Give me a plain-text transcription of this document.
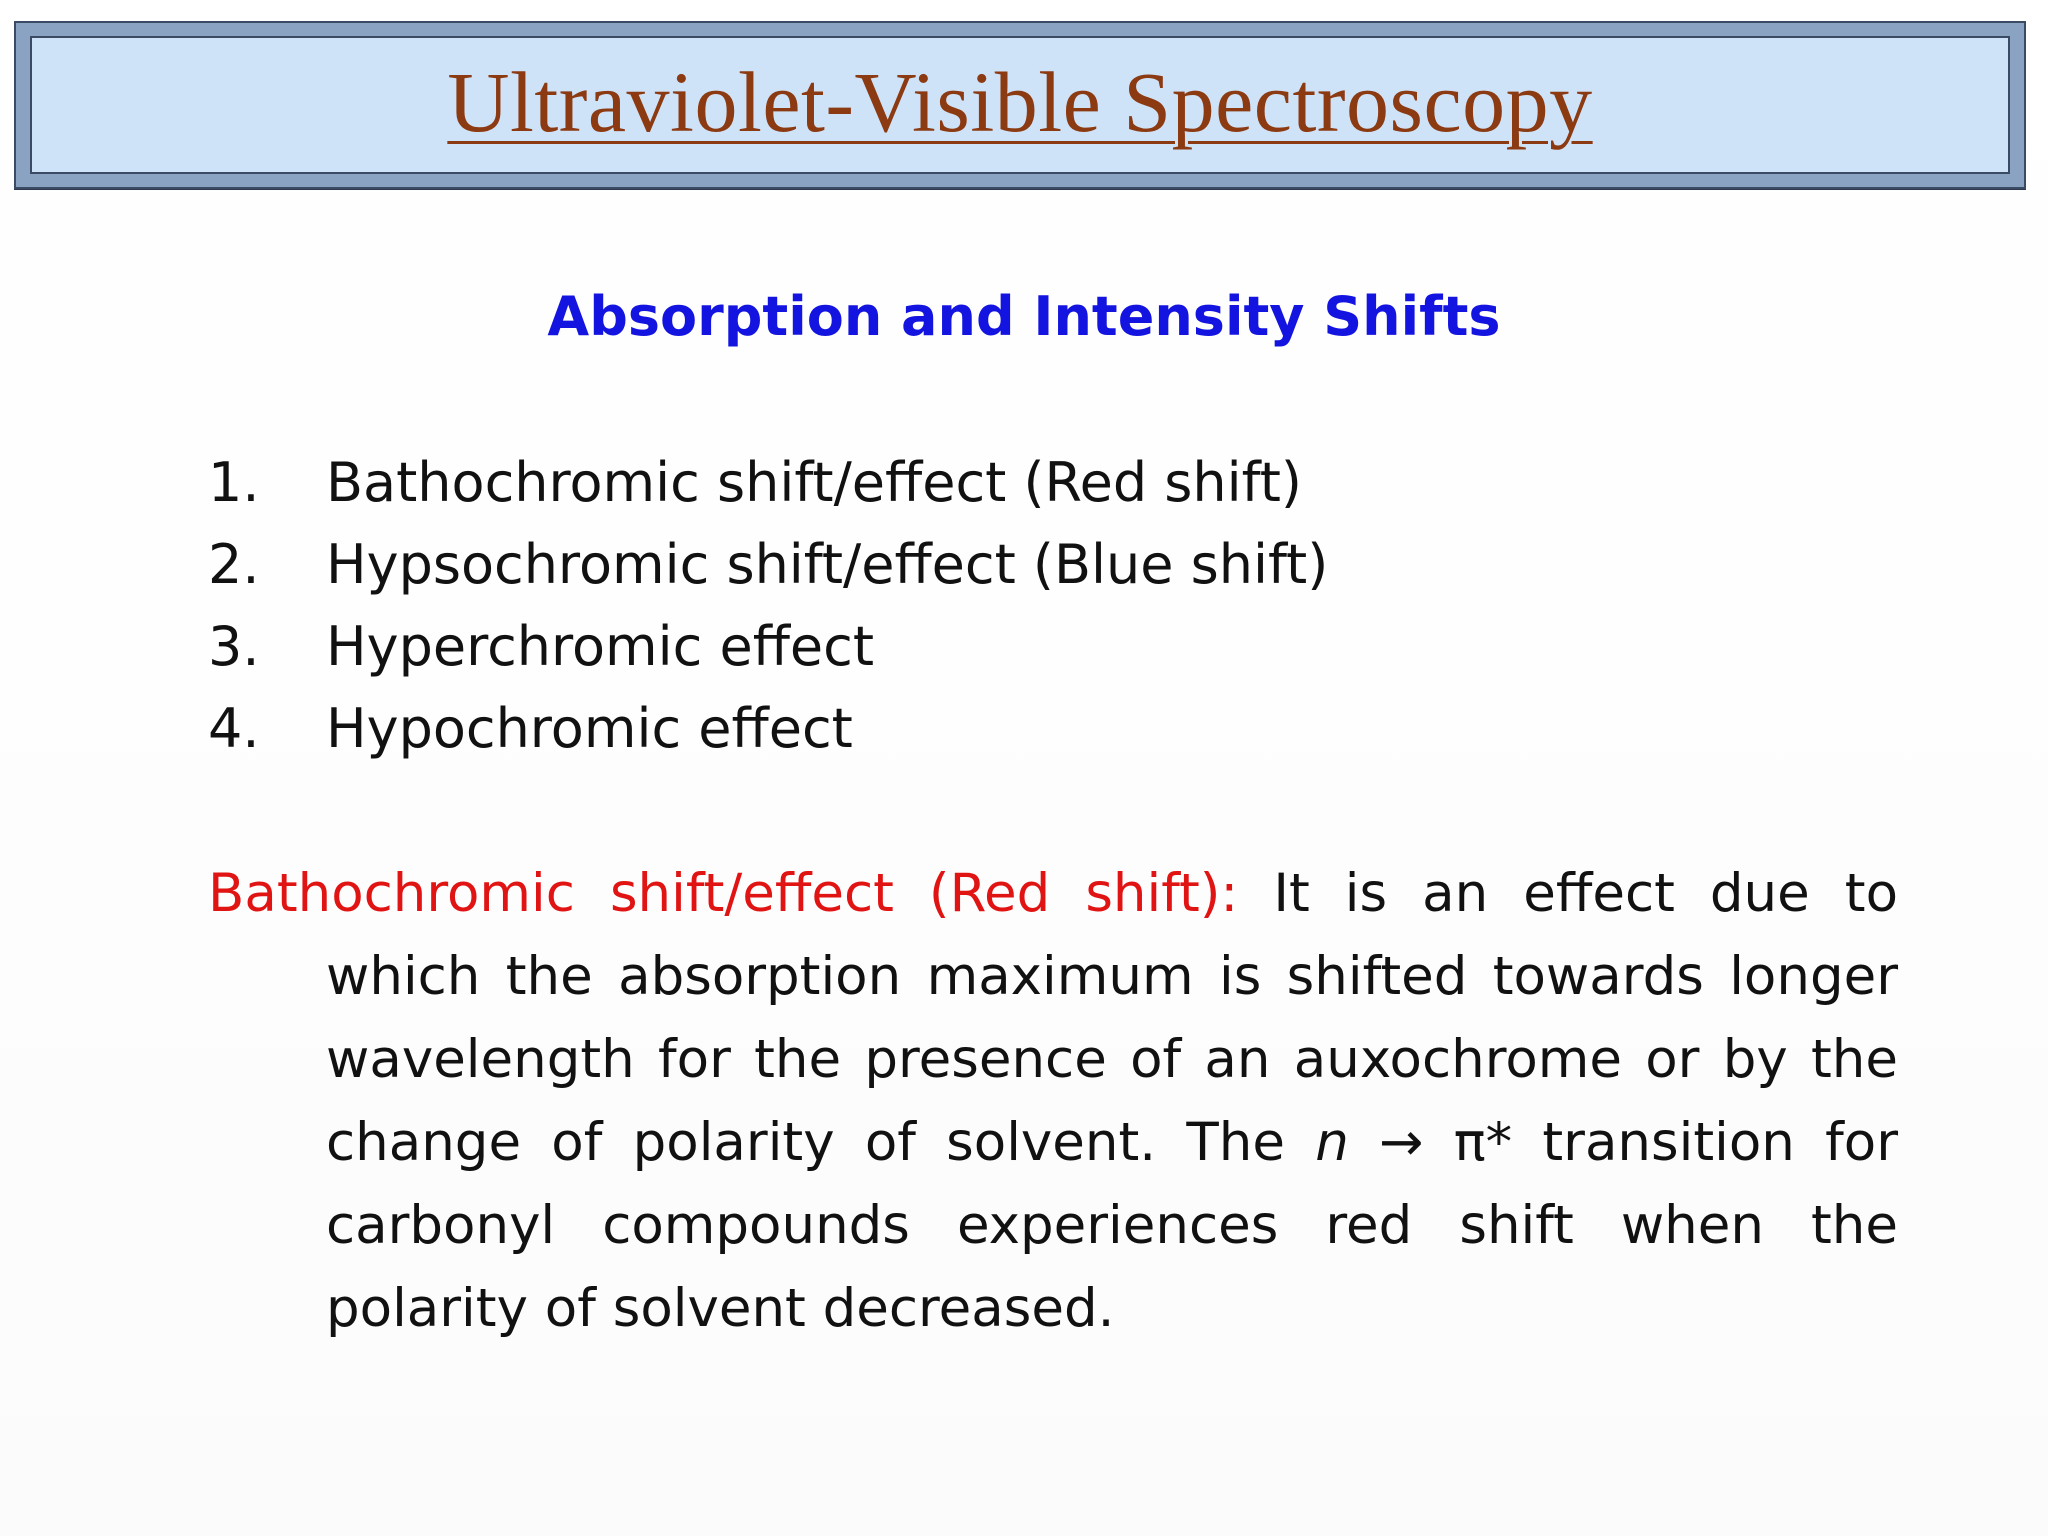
Ultraviolet-Visible Spectroscopy
Absorption and Intensity Shifts
1.	Bathochromic shift/effect (Red shift)
2.	Hypsochromic shift/effect (Blue shift)
3.	Hyperchromic effect
4.	Hypochromic effect

Bathochromic shift/effect (Red shift): It is an effect due to which the absorption maximum is shifted towards longer wavelength for the presence of an auxochrome or by the change of polarity of solvent. The n → π* transition for carbonyl compounds experiences red shift when the polarity of solvent decreased.
